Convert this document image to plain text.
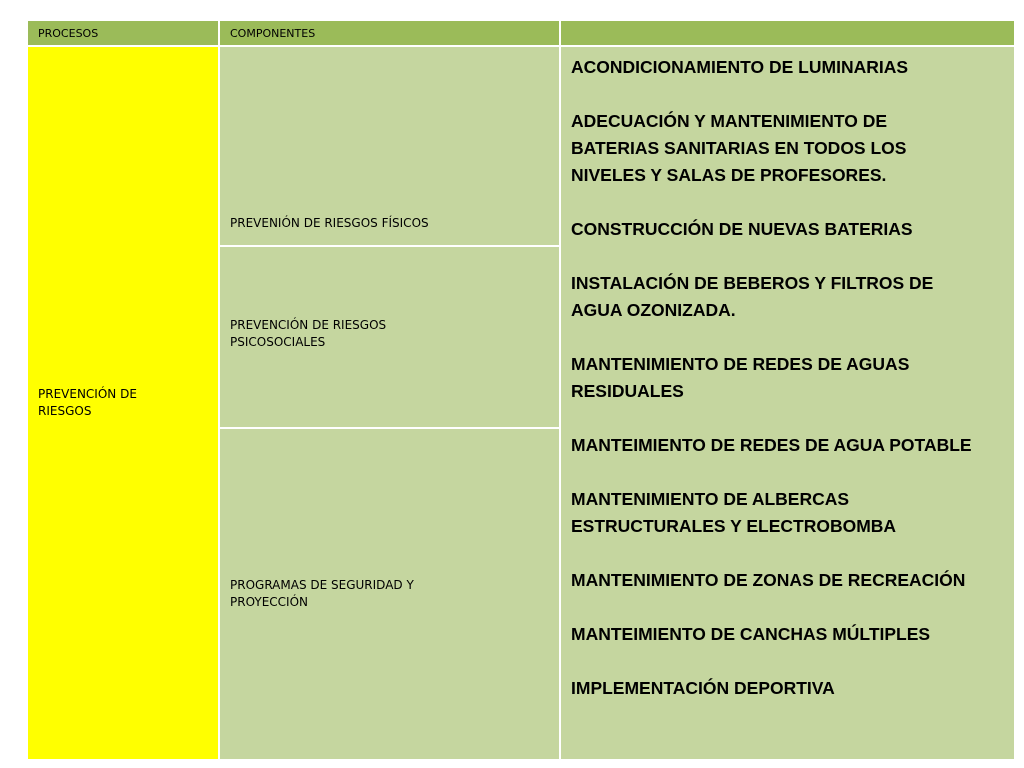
PROCESOS	COMPONENTES
PREVENCIÓN DE
RIESGOS
PREVENIÓN DE RIESGOS FÍSICOS
PREVENCIÓN DE RIESGOS
PSICOSOCIALES
PROGRAMAS DE SEGURIDAD Y
PROYECCIÓN
ACONDICIONAMIENTO DE LUMINARIAS
ADECUACIÓN Y MANTENIMIENTO DE
BATERIAS SANITARIAS EN TODOS LOS
NIVELES Y SALAS DE PROFESORES.
CONSTRUCCIÓN DE NUEVAS BATERIAS
INSTALACIÓN DE BEBEROS Y FILTROS DE
AGUA OZONIZADA.
MANTENIMIENTO DE REDES DE AGUAS
RESIDUALES
MANTEIMIENTO DE REDES DE AGUA POTABLE
MANTENIMIENTO DE ALBERCAS
ESTRUCTURALES Y ELECTROBOMBA
MANTENIMIENTO DE ZONAS DE RECREACIÓN
MANTEIMIENTO DE CANCHAS MÚLTIPLES
IMPLEMENTACIÓN DEPORTIVA
